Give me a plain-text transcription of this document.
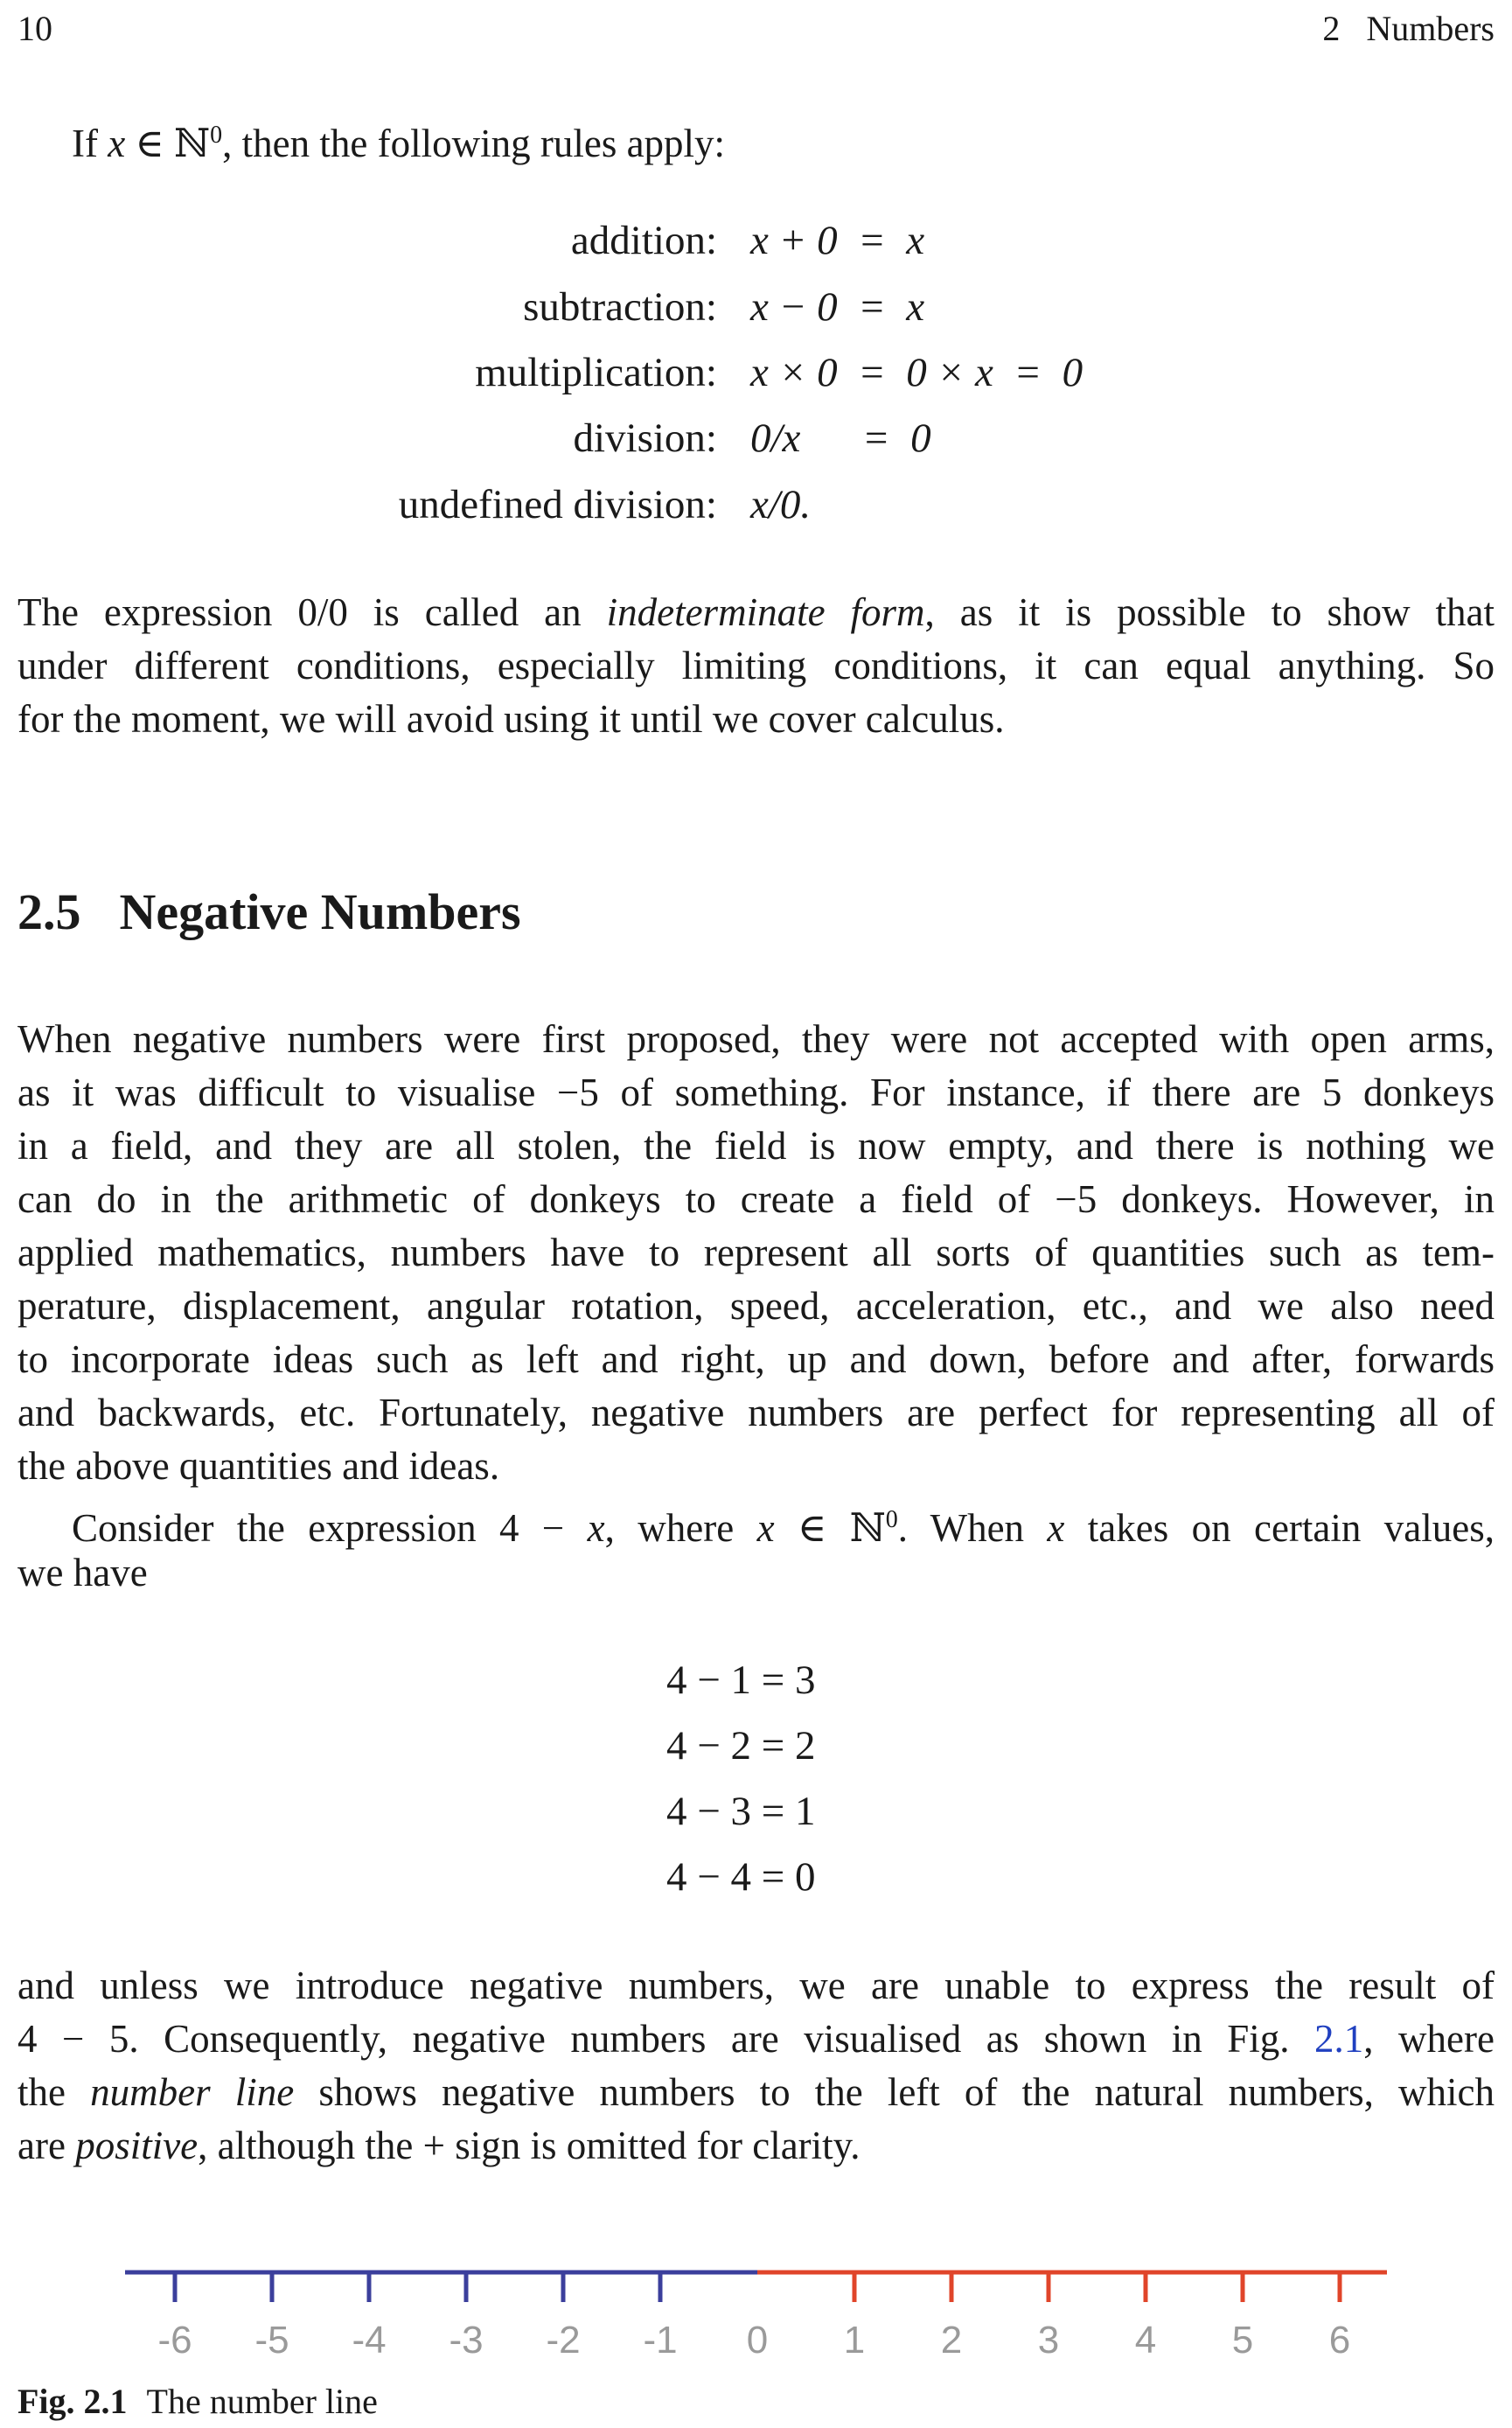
10	2   Numbers
If x ∈ ℕ$^0$, then the following rules apply:
addition: x + 0  =  x
subtraction: x − 0  =  x
multiplication: x × 0  =  0 × x  =  0
division: 0/x      =  0
undefined division: x/0.
The expression 0/0 is called an indeterminate form, as it is possible to show that
under different conditions, especially limiting conditions, it can equal anything. So
for the moment, we will avoid using it until we cover calculus.
2.5 Negative Numbers
When negative numbers were first proposed, they were not accepted with open arms,
as it was difficult to visualise −5 of something. For instance, if there are 5 donkeys
in a field, and they are all stolen, the field is now empty, and there is nothing we
can do in the arithmetic of donkeys to create a field of −5 donkeys. However, in
applied mathematics, numbers have to represent all sorts of quantities such as tem-
perature, displacement, angular rotation, speed, acceleration, etc., and we also need
to incorporate ideas such as left and right, up and down, before and after, forwards
and backwards, etc. Fortunately, negative numbers are perfect for representing all of
the above quantities and ideas.
Consider the expression 4 − x, where x ∈ ℕ$^0$. When x takes on certain values,
we have
4 − 1 = 3
4 − 2 = 2
4 − 3 = 1
4 − 4 = 0
and unless we introduce negative numbers, we are unable to express the result of
4 − 5. Consequently, negative numbers are visualised as shown in Fig. 2.1, where
the number line shows negative numbers to the left of the natural numbers, which
are positive, although the + sign is omitted for clarity.
-6 -5 -4 -3 -2 -1 0 1 2 3 4 5 6
Fig. 2.1 The number line
